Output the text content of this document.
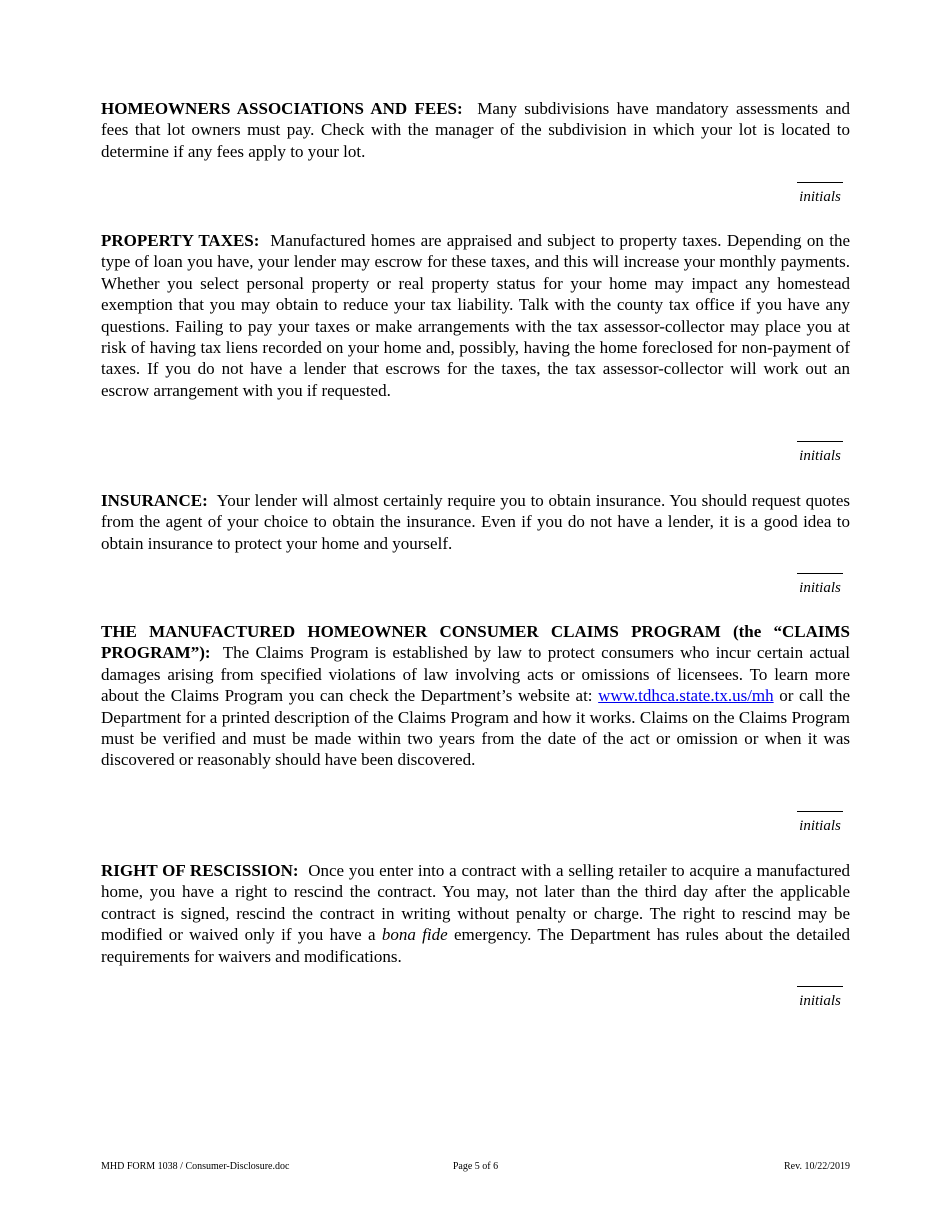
HOMEOWNERS ASSOCIATIONS AND FEES: Many subdivisions have mandatory assessments and fees that lot owners must pay. Check with the manager of the subdivision in which your lot is located to determine if any fees apply to your lot.

initials

PROPERTY TAXES: Manufactured homes are appraised and subject to property taxes. Depending on the type of loan you have, your lender may escrow for these taxes, and this will increase your monthly payments. Whether you select personal property or real property status for your home may impact any homestead exemption that you may obtain to reduce your tax liability. Talk with the county tax office if you have any questions. Failing to pay your taxes or make arrangements with the tax assessor-collector may place you at risk of having tax liens recorded on your home and, possibly, having the home foreclosed for non-payment of taxes. If you do not have a lender that escrows for the taxes, the tax assessor-collector will work out an escrow arrangement with you if requested.

initials

INSURANCE: Your lender will almost certainly require you to obtain insurance. You should request quotes from the agent of your choice to obtain the insurance. Even if you do not have a lender, it is a good idea to obtain insurance to protect your home and yourself.

initials

THE MANUFACTURED HOMEOWNER CONSUMER CLAIMS PROGRAM (the “CLAIMS PROGRAM”): The Claims Program is established by law to protect consumers who incur certain actual damages arising from specified violations of law involving acts or omissions of licensees. To learn more about the Claims Program you can check the Department’s website at: www.tdhca.state.tx.us/mh or call the Department for a printed description of the Claims Program and how it works. Claims on the Claims Program must be verified and must be made within two years from the date of the act or omission or when it was discovered or reasonably should have been discovered.

initials

RIGHT OF RESCISSION: Once you enter into a contract with a selling retailer to acquire a manufactured home, you have a right to rescind the contract. You may, not later than the third day after the applicable contract is signed, rescind the contract in writing without penalty or charge. The right to rescind may be modified or waived only if you have a bona fide emergency. The Department has rules about the detailed requirements for waivers and modifications.

initials
MHD FORM 1038 / Consumer-Disclosure.doc	Page 5 of 6	Rev. 10/22/2019
